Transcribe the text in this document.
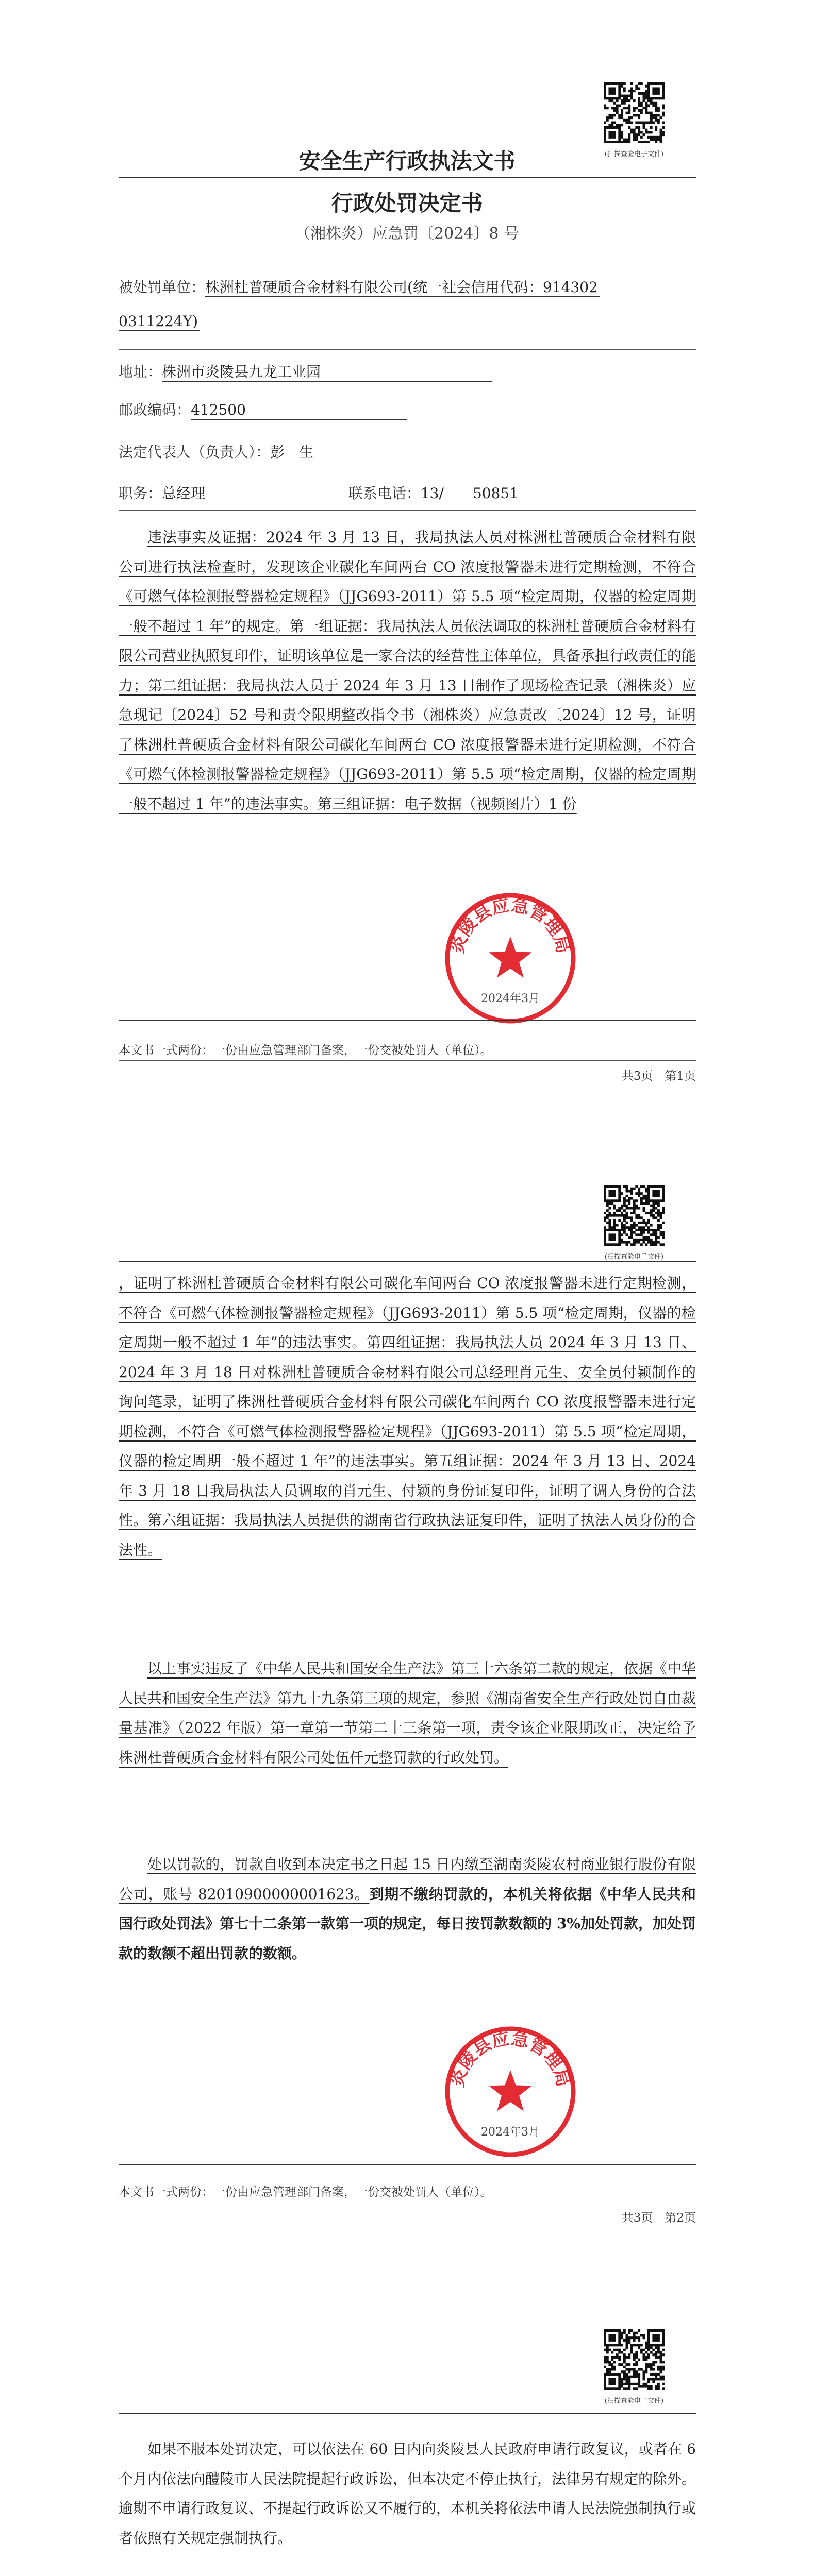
(扫描查验电子文件)
安全生产行政执法文书
行政处罚决定书
（湘株炎）应急罚〔2024〕8 号
被处罚单位：株洲杜普硬质合金材料有限公司(统一社会信用代码：914302
0311224Y)
地址：株洲市炎陵县九龙工业园
邮政编码：412500
法定代表人（负责人）：彭　生
职务：总经理	联系电话：13/　　50851
违法事实及证据：2024 年 3 月 13 日，我局执法人员对株洲杜普硬质合金材料有限公司进行执法检查时，发现该企业碳化车间两台 CO 浓度报警器未进行定期检测，不符合《可燃气体检测报警器检定规程》（JJG693-2011）第 5.5 项“检定周期，仪器的检定周期一般不超过 1 年”的规定。第一组证据：我局执法人员依法调取的株洲杜普硬质合金材料有限公司营业执照复印件，证明该单位是一家合法的经营性主体单位，具备承担行政责任的能力；第二组证据：我局执法人员于 2024 年 3 月 13 日制作了现场检查记录（湘株炎）应急现记〔2024〕52 号和责令限期整改指令书（湘株炎）应急责改〔2024〕12 号，证明了株洲杜普硬质合金材料有限公司碳化车间两台 CO 浓度报警器未进行定期检测，不符合《可燃气体检测报警器检定规程》（JJG693-2011）第 5.5 项“检定周期，仪器的检定周期一般不超过 1 年”的违法事实。第三组证据：电子数据（视频图片）1 份
炎陵县应急管理局
2024年3月
本文书一式两份：一份由应急管理部门备案，一份交被处罚人（单位）。
共3页　第1页
(扫描查验电子文件)
，证明了株洲杜普硬质合金材料有限公司碳化车间两台 CO 浓度报警器未进行定期检测，不符合《可燃气体检测报警器检定规程》（JJG693-2011）第 5.5 项“检定周期，仪器的检定周期一般不超过 1 年”的违法事实。第四组证据：我局执法人员 2024 年 3 月 13 日、2024 年 3 月 18 日对株洲杜普硬质合金材料有限公司总经理肖元生、安全员付颖制作的询问笔录，证明了株洲杜普硬质合金材料有限公司碳化车间两台 CO 浓度报警器未进行定期检测，不符合《可燃气体检测报警器检定规程》（JJG693-2011）第 5.5 项“检定周期，仪器的检定周期一般不超过 1 年”的违法事实。第五组证据：2024 年 3 月 13 日、2024 年 3 月 18 日我局执法人员调取的肖元生、付颖的身份证复印件，证明了调人身份的合法性。第六组证据：我局执法人员提供的湖南省行政执法证复印件，证明了执法人员身份的合法性。
以上事实违反了《中华人民共和国安全生产法》第三十六条第二款的规定，依据《中华人民共和国安全生产法》第九十九条第三项的规定，参照《湖南省安全生产行政处罚自由裁量基准》（2022 年版）第一章第一节第二十三条第一项，责令该企业限期改正，决定给予株洲杜普硬质合金材料有限公司处伍仟元整罚款的行政处罚。
处以罚款的，罚款自收到本决定书之日起 15 日内缴至湖南炎陵农村商业银行股份有限公司，账号 82010900000001623。到期不缴纳罚款的，本机关将依据《中华人民共和国行政处罚法》第七十二条第一款第一项的规定，每日按罚款数额的 3%加处罚款，加处罚款的数额不超出罚款的数额。
炎陵县应急管理局
2024年3月
本文书一式两份：一份由应急管理部门备案，一份交被处罚人（单位）。
共3页　第2页
(扫描查验电子文件)
如果不服本处罚决定，可以依法在 60 日内向炎陵县人民政府申请行政复议，或者在 6 个月内依法向醴陵市人民法院提起行政诉讼，但本决定不停止执行，法律另有规定的除外。逾期不申请行政复议、不提起行政诉讼又不履行的，本机关将依法申请人民法院强制执行或者依照有关规定强制执行。
